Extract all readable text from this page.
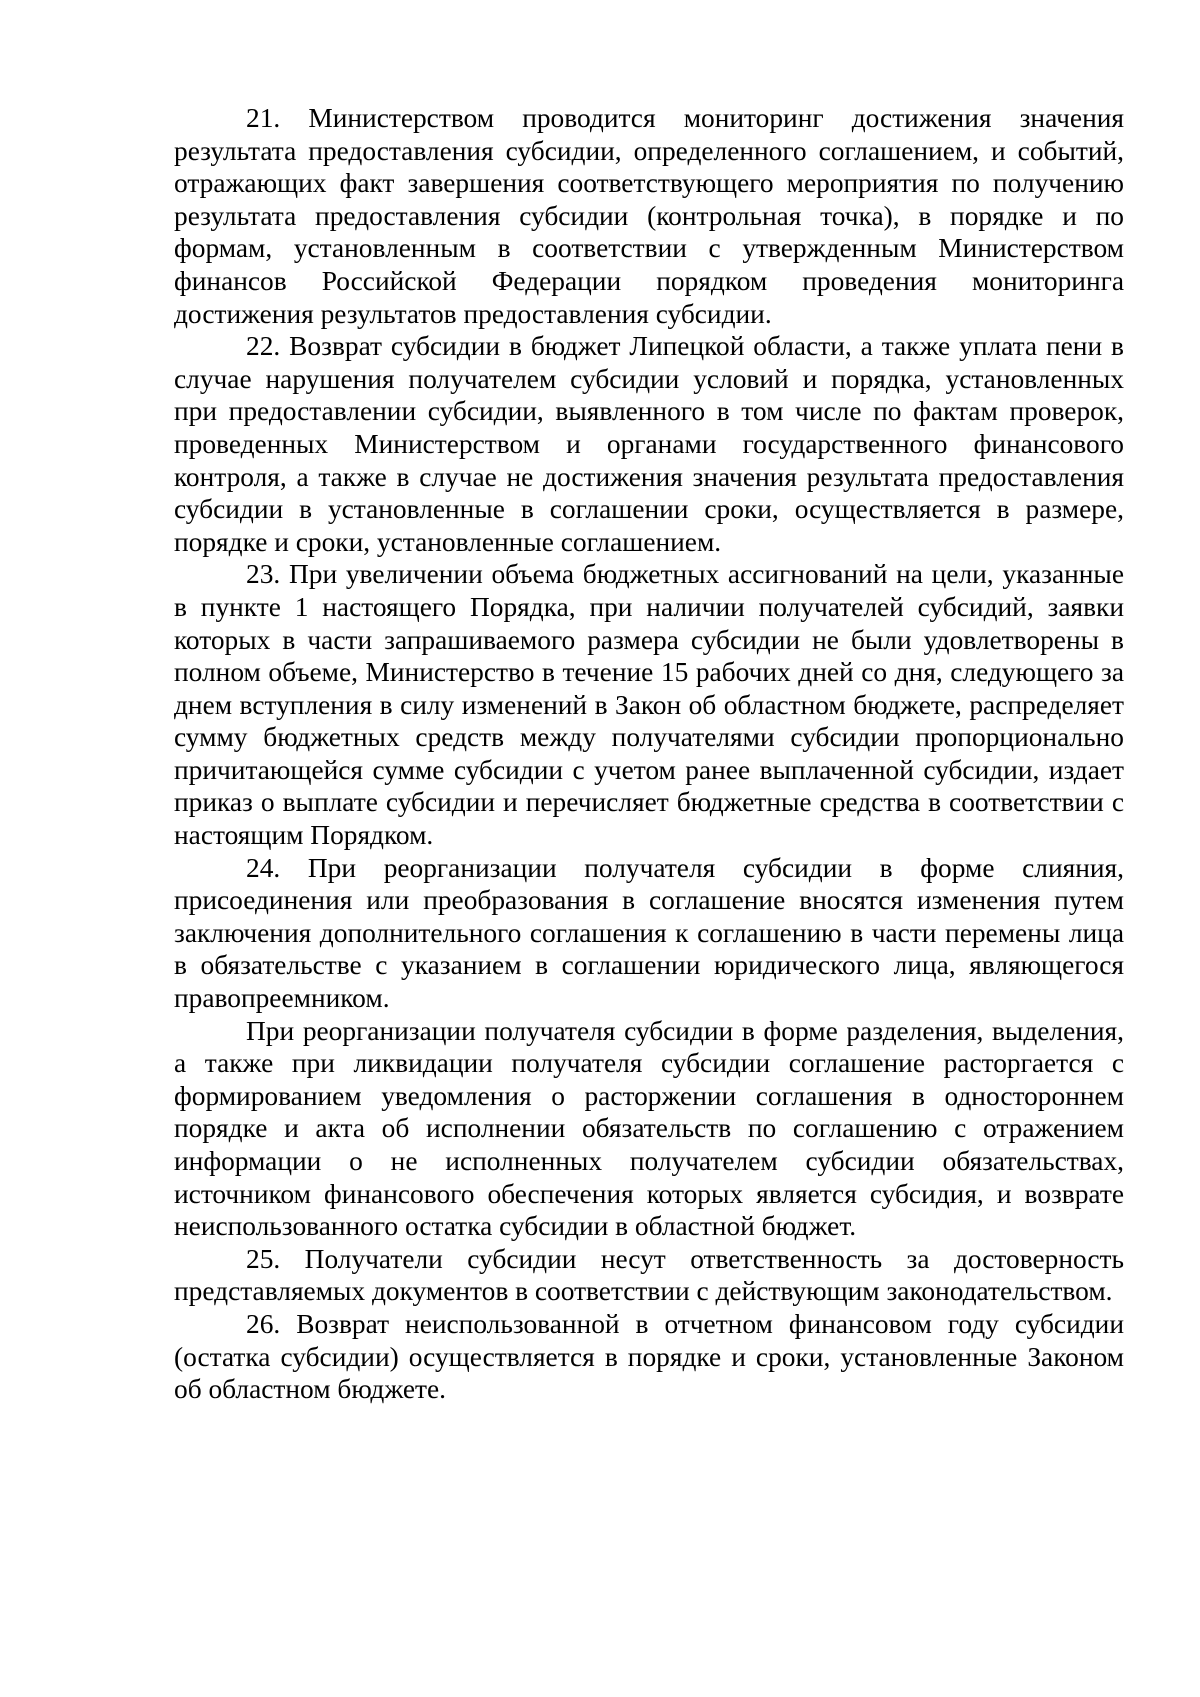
21. Министерством проводится мониторинг достижения значения результата предоставления субсидии, определенного соглашением, и событий, отражающих факт завершения соответствующего мероприятия по получению результата предоставления субсидии (контрольная точка), в порядке и по формам, установленным в соответствии с утвержденным Министерством финансов Российской Федерации порядком проведения мониторинга достижения результатов предоставления субсидии.

22. Возврат субсидии в бюджет Липецкой области, а также уплата пени в случае нарушения получателем субсидии условий и порядка, установленных при предоставлении субсидии, выявленного в том числе по фактам проверок, проведенных Министерством и органами государственного финансового контроля, а также в случае не достижения значения результата предоставления субсидии в установленные в соглашении сроки, осуществляется в размере, порядке и сроки, установленные соглашением.

23. При увеличении объема бюджетных ассигнований на цели, указанные в пункте 1 настоящего Порядка, при наличии получателей субсидий, заявки которых в части запрашиваемого размера субсидии не были удовлетворены в полном объеме, Министерство в течение 15 рабочих дней со дня, следующего за днем вступления в силу изменений в Закон об областном бюджете, распределяет сумму бюджетных средств между получателями субсидии пропорционально причитающейся сумме субсидии с учетом ранее выплаченной субсидии, издает приказ о выплате субсидии и перечисляет бюджетные средства в соответствии с настоящим Порядком.

24. При реорганизации получателя субсидии в форме слияния, присоединения или преобразования в соглашение вносятся изменения путем заключения дополнительного соглашения к соглашению в части перемены лица в обязательстве с указанием в соглашении юридического лица, являющегося правопреемником.

При реорганизации получателя субсидии в форме разделения, выделения, а также при ликвидации получателя субсидии соглашение расторгается с формированием уведомления о расторжении соглашения в одностороннем порядке и акта об исполнении обязательств по соглашению с отражением информации о не исполненных получателем субсидии обязательствах, источником финансового обеспечения которых является субсидия, и возврате неиспользованного остатка субсидии в областной бюджет.

25. Получатели субсидии несут ответственность за достоверность представляемых документов в соответствии с действующим законодательством.

26. Возврат неиспользованной в отчетном финансовом году субсидии (остатка субсидии) осуществляется в порядке и сроки, установленные Законом об областном бюджете.
